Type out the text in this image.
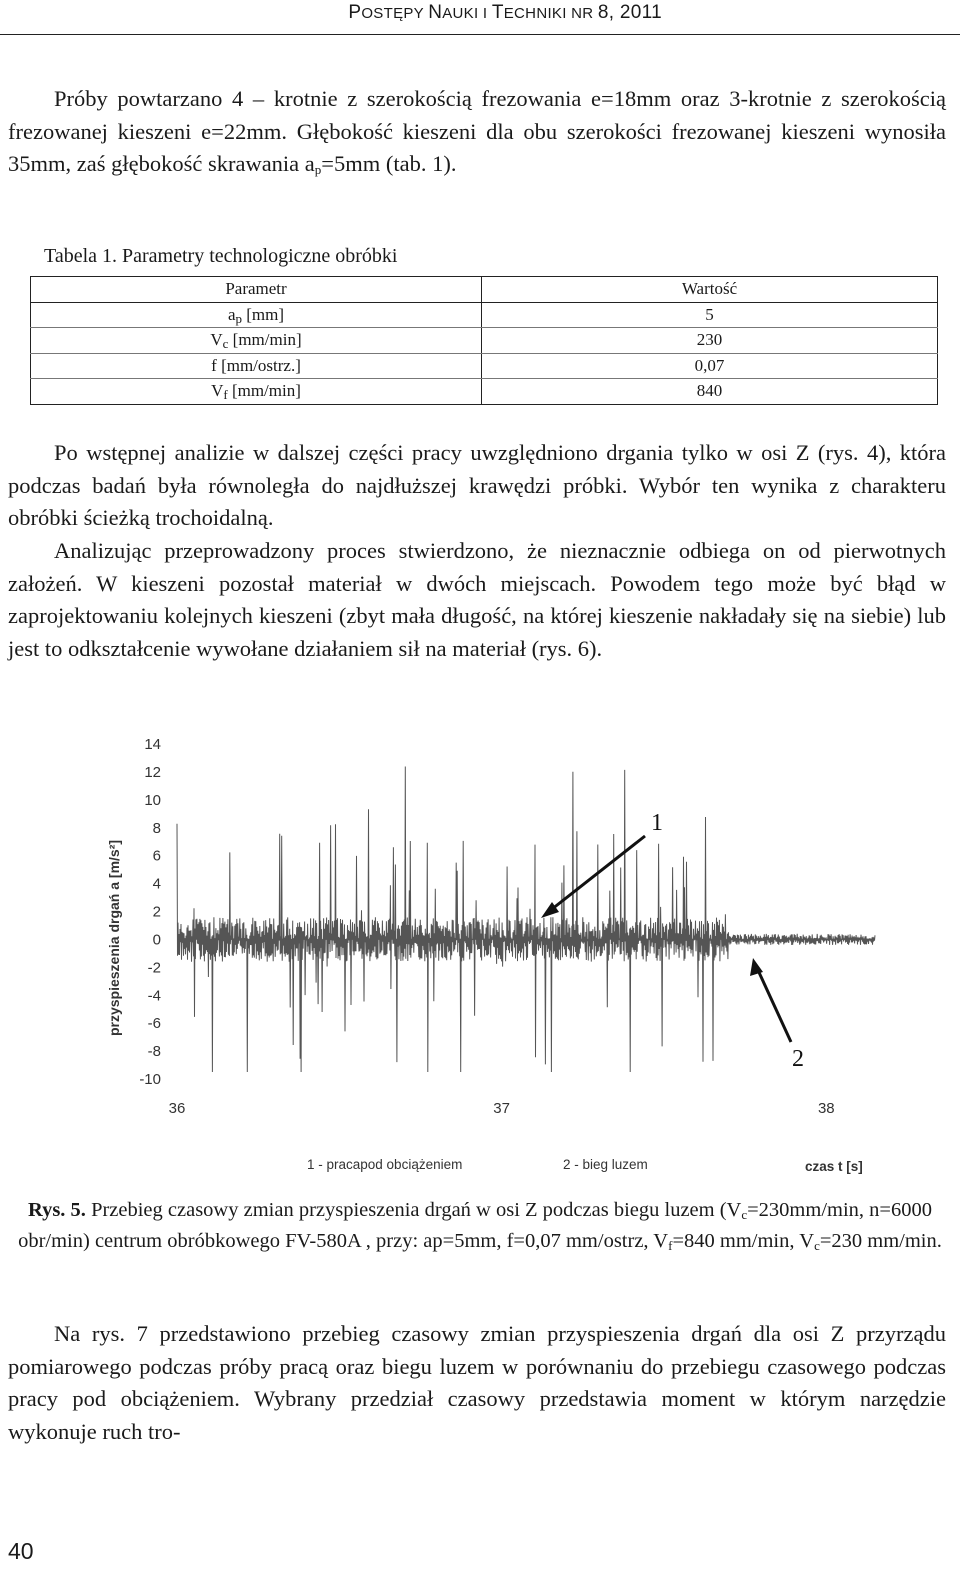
POSTĘPY NAUKI I TECHNIKI NR 8, 2011
Próby powtarzano 4 – krotnie z szerokością frezowania e=18mm oraz 3-krotnie z szerokością frezowanej kieszeni e=22mm. Głębokość kieszeni dla obu szerokości frezowanej kieszeni wynosiła 35mm, zaś głębokość skrawania $a_p=5mm$ (tab. 1).
Tabela 1. Parametry technologiczne obróbki
Parametr	Wartość
$a_p$ [mm]	5
$V_c$ [mm/min]	230
f [mm/ostrz.]	0,07
$V_f$ [mm/min]	840
Po wstępnej analizie w dalszej części pracy uwzględniono drgania tylko w osi Z (rys. 4), która podczas badań była równoległa do najdłuższej krawędzi próbki. Wybór ten wynika z charakteru obróbki ścieżką trochoidalną.
Analizując przeprowadzony proces stwierdzono, że nieznacznie odbiega on od pierwotnych założeń. W kieszeni pozostał materiał w dwóch miejscach. Powodem tego może być błąd w zaprojektowaniu kolejnych kieszeni (zbyt mała długość, na której kieszenie nakładały się na siebie) lub jest to odkształcenie wywołane działaniem sił na materiał (rys. 6).
14
12
10
8
6
4
2
0
-2
-4
-6
-8
-10
36	37	38
przyspieszenia drgań a [m/s²]
1 - pracapod obciążeniem	2 - bieg luzem	czas t [s]
1
2
Rys. 5. Przebieg czasowy zmian przyspieszenia drgań w osi Z podczas biegu luzem ($V_c=230mm/\min$, n=6000 obr/min) centrum obróbkowego FV-580A , przy: ap=5mm, f=0,07 mm/ostrz, $V_f=840$ mm/min, $V_c=230$ mm/min.
Na rys. 7 przedstawiono przebieg czasowy zmian przyspieszenia drgań dla osi Z przyrządu pomiarowego podczas próby pracą oraz biegu luzem w porównaniu do przebiegu czasowego podczas pracy pod obciążeniem. Wybrany przedział czasowy przedstawia moment w którym narzędzie wykonuje ruch tro-
40
